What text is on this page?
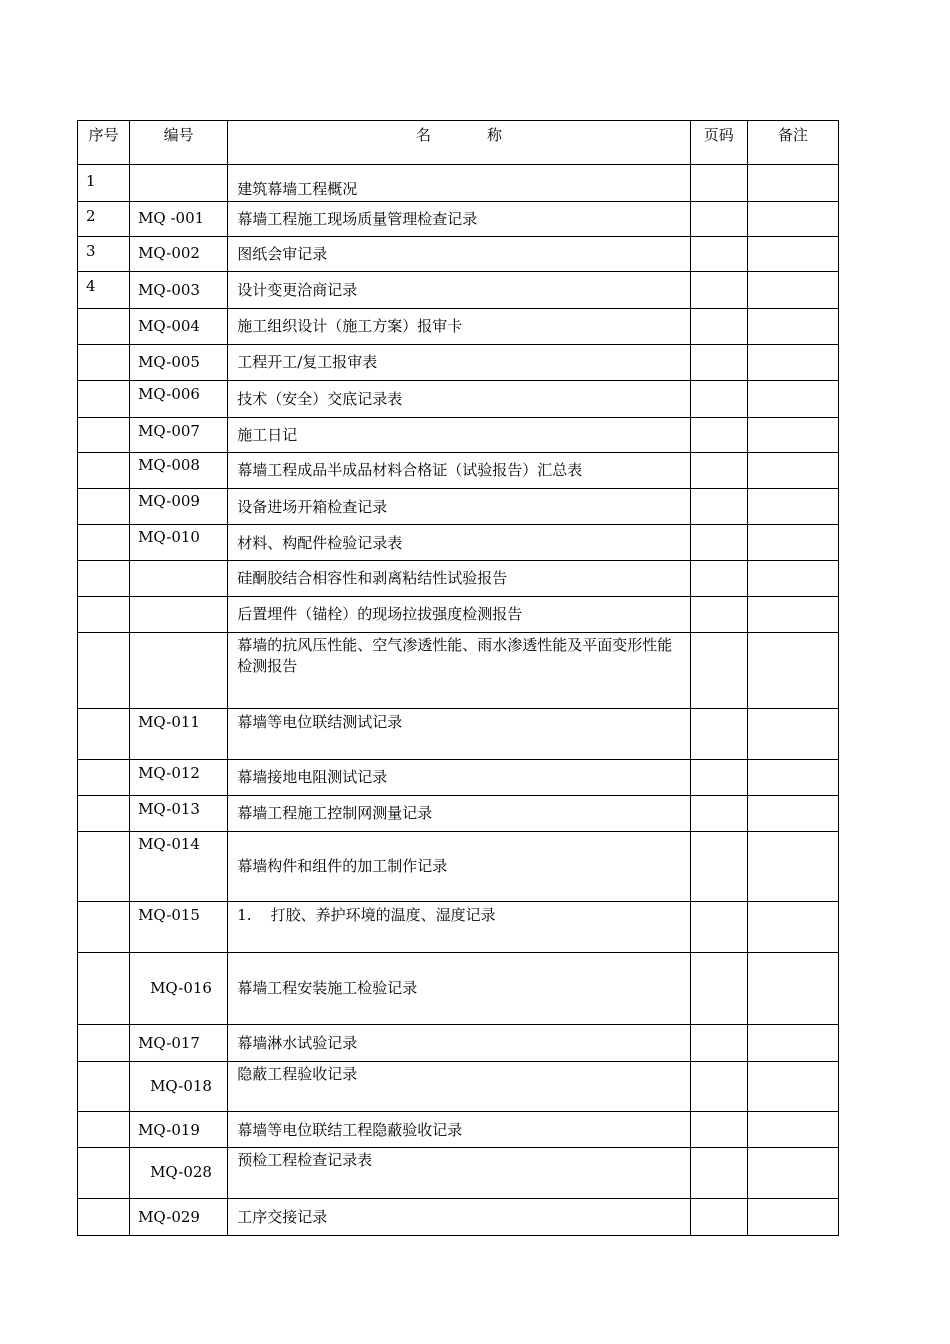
序号	编号	名称	页码	备注

1		建筑幕墙工程概况		

2	MQ -001	幕墙工程施工现场质量管理检查记录		

3	MQ-002	图纸会审记录		

4	MQ-003	设计变更洽商记录		

	MQ-004	施工组织设计（施工方案）报审卡		

	MQ-005	工程开工/复工报审表		

	MQ-006	技术（安全）交底记录表		

	MQ-007	施工日记		

	MQ-008	幕墙工程成品半成品材料合格证（试验报告）汇总表		

	MQ-009	设备进场开箱检查记录		

	MQ-010	材料、构配件检验记录表		

		硅酮胶结合相容性和剥离粘结性试验报告		

		后置埋件（锚栓）的现场拉拔强度检测报告		

		幕墙的抗风压性能、空气渗透性能、雨水渗透性能及平面变形性能检测报告		

	MQ-011	幕墙等电位联结测试记录		

	MQ-012	幕墙接地电阻测试记录		

	MQ-013	幕墙工程施工控制网测量记录		

	MQ-014	幕墙构件和组件的加工制作记录		

	MQ-015	1.    打胶、养护环境的温度、湿度记录		

	MQ-016	幕墙工程安装施工检验记录		

	MQ-017	幕墙淋水试验记录		

	MQ-018	隐蔽工程验收记录		

	MQ-019	幕墙等电位联结工程隐蔽验收记录		

	MQ-028	预检工程检查记录表		

	MQ-029	工序交接记录		
